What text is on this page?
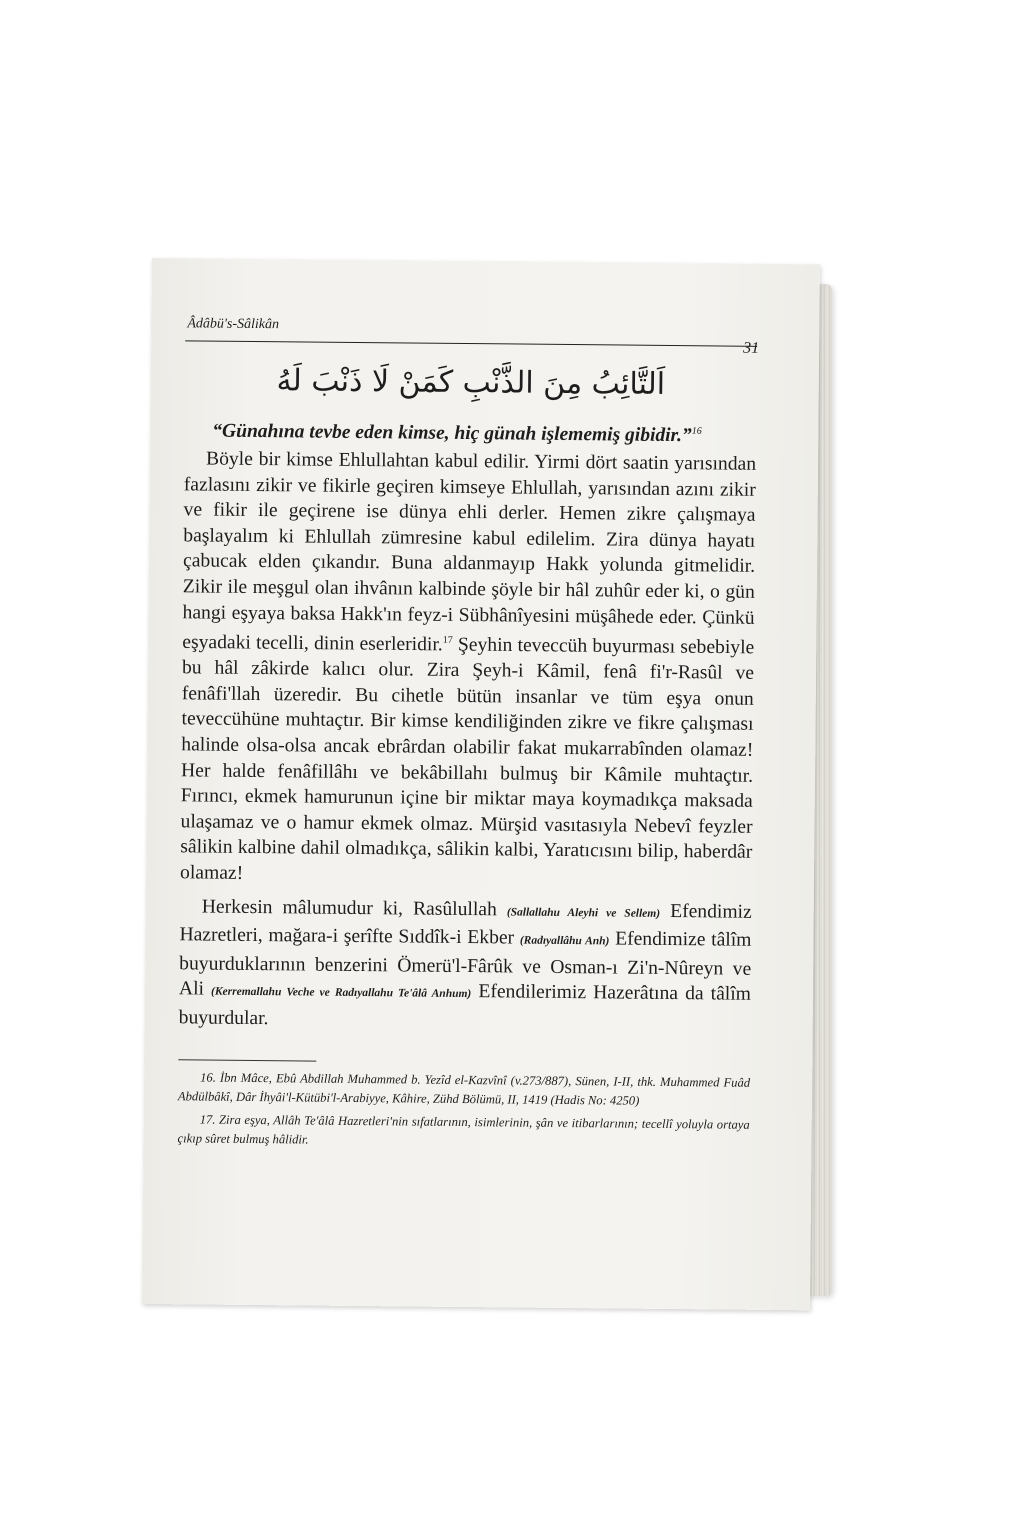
Âdâbü's-Sâlikân
31
اَلتَّائِبُ مِنَ الذَّنْبِ كَمَنْ لَا ذَنْبَ لَهُ
“Günahına tevbe eden kimse, hiç günah işlememiş gibidir.”$^{16}$

Böyle bir kimse Ehlullahtan kabul edilir. Yirmi dört saatin yarısından fazlasını zikir ve fikirle geçiren kimseye Ehlullah, yarısından azını zikir ve fikir ile geçirene ise dünya ehli derler. Hemen zikre çalışmaya başlayalım ki Ehlullah zümresine kabul edilelim. Zira dünya hayatı çabucak elden çıkandır. Buna aldanmayıp Hakk yolunda gitmelidir. Zikir ile meşgul olan ihvânın kalbinde şöyle bir hâl zuhûr eder ki, o gün hangi eşyaya baksa Hakk'ın feyz-i Sübhânîyesini müşâhede eder. Çünkü eşyadaki tecelli, dinin eserleridir.$^{17}$ Şeyhin teveccüh buyurması sebebiyle bu hâl zâkirde kalıcı olur. Zira Şeyh-i Kâmil, fenâ fi'r-Rasûl ve fenâfi'llah üzeredir. Bu cihetle bütün insanlar ve tüm eşya onun teveccühüne muhtaçtır. Bir kimse kendiliğinden zikre ve fikre çalışması halinde olsa-olsa ancak ebrârdan olabilir fakat mukarrabînden olamaz! Her halde fenâfillâhı ve bekâbillahı bulmuş bir Kâmile muhtaçtır. Fırıncı, ekmek hamurunun içine bir miktar maya koymadıkça maksada ulaşamaz ve o hamur ekmek olmaz. Mürşid vasıtasıyla Nebevî feyzler sâlikin kalbine dahil olmadıkça, sâlikin kalbi, Yaratıcısını bilip, haberdâr olamaz!

Herkesin mâlumudur ki, Rasûlullah (Sallallahu Aleyhi ve Sellem) Efendimiz Hazretleri, mağara-i şerîfte Sıddîk-i Ekber (Radıyallâhu Anh) Efendimize tâlîm buyurduklarının benzerini Ömerü'l-Fârûk ve Osman-ı Zi'n-Nûreyn ve Ali (Kerremallahu Veche ve Radıyallahu Te'âlâ Anhum) Efendilerimiz Hazerâtına da tâlîm buyurdular.

16. İbn Mâce, Ebû Abdillah Muhammed b. Yezîd el-Kazvînî (v.273/887), Sünen, I-II, thk. Muhammed Fuâd Abdülbâkî, Dâr İhyâi'l-Kütübi'l-Arabiyye, Kâhire, Zühd Bölümü, II, 1419 (Hadis No: 4250)

17. Zira eşya, Allâh Te'âlâ Hazretleri'nin sıfatlarının, isimlerinin, şân ve itibarlarının; tecellî yoluyla ortaya çıkıp sûret bulmuş hâlidir.
